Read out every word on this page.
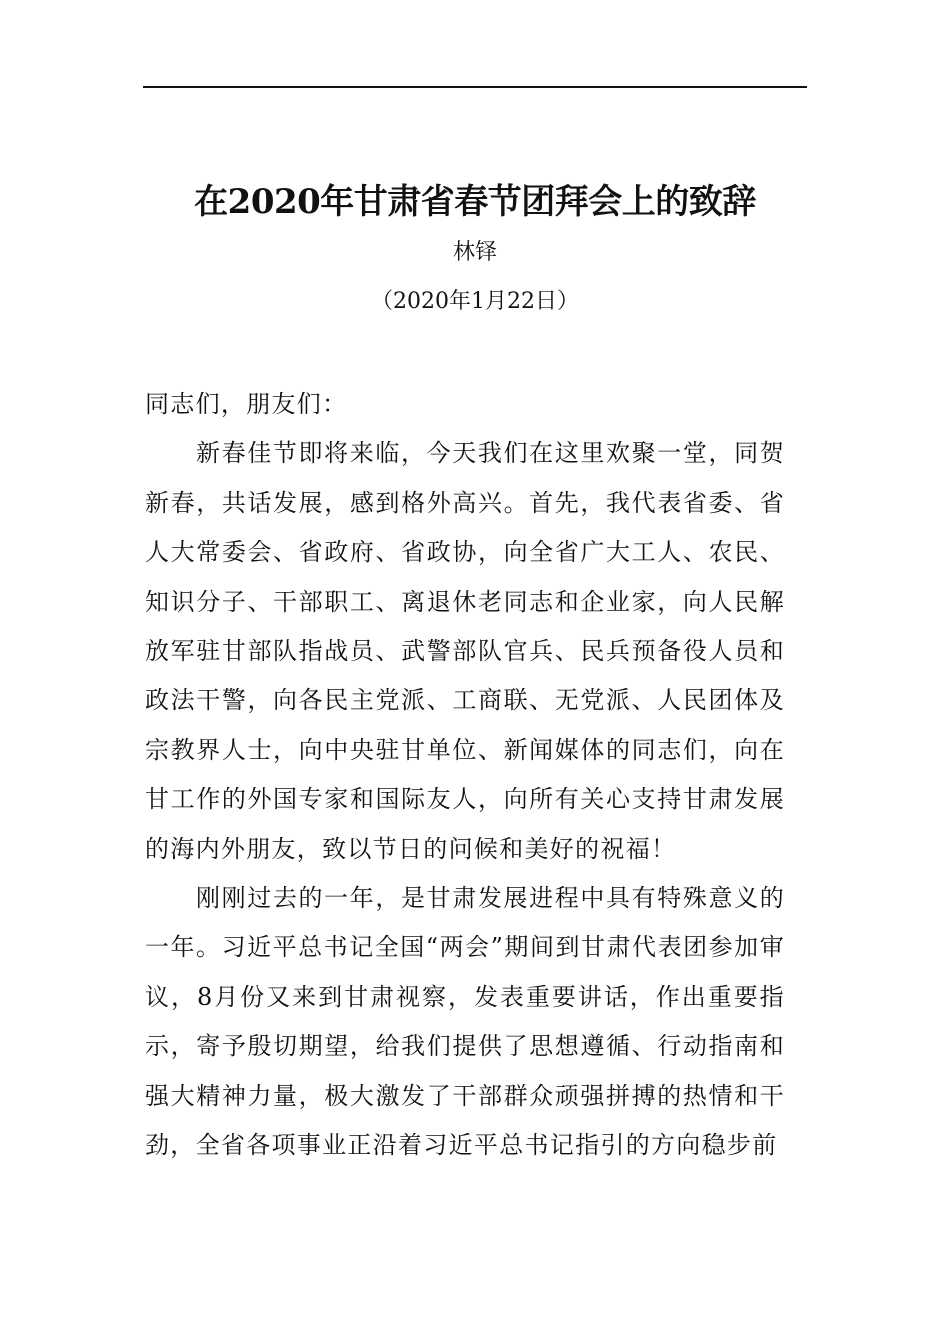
在2020年甘肃省春节团拜会上的致辞
林铎
（2020年1月22日）

同志们，朋友们：

新春佳节即将来临，今天我们在这里欢聚一堂，同贺新春，共话发展，感到格外高兴。首先，我代表省委、省人大常委会、省政府、省政协，向全省广大工人、农民、知识分子、干部职工、离退休老同志和企业家，向人民解放军驻甘部队指战员、武警部队官兵、民兵预备役人员和政法干警，向各民主党派、工商联、无党派、人民团体及宗教界人士，向中央驻甘单位、新闻媒体的同志们，向在甘工作的外国专家和国际友人，向所有关心支持甘肃发展的海内外朋友，致以节日的问候和美好的祝福！

刚刚过去的一年，是甘肃发展进程中具有特殊意义的一年。习近平总书记全国“两会”期间到甘肃代表团参加审议，8月份又来到甘肃视察，发表重要讲话，作出重要指示，寄予殷切期望，给我们提供了思想遵循、行动指南和强大精神力量，极大激发了干部群众顽强拼搏的热情和干劲，全省各项事业正沿着习近平总书记指引的方向稳步前
